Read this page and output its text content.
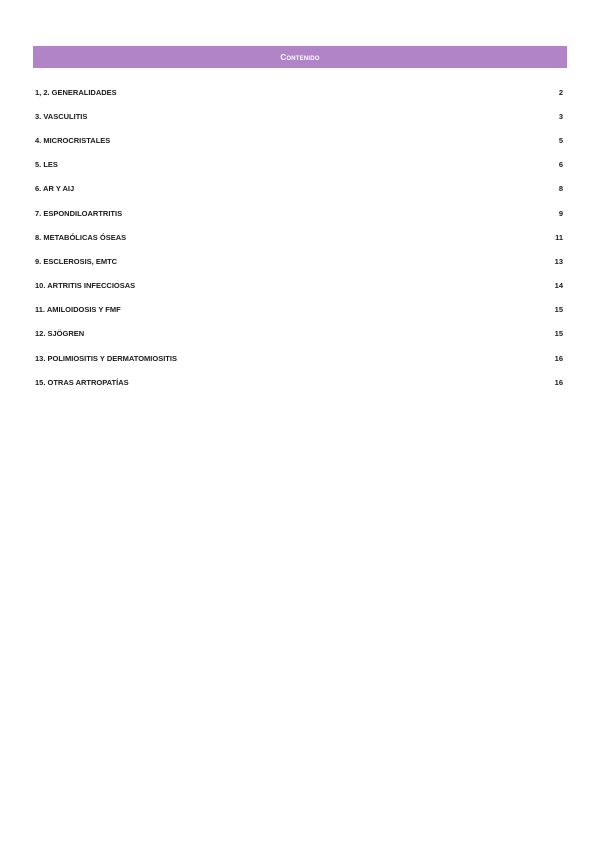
Contenido
1, 2. GENERALIDADES	2
3. VASCULITIS	3
4. MICROCRISTALES	5
5. LES	6
6. AR Y AIJ	8
7. ESPONDILOARTRITIS	9
8. METABÓLICAS ÓSEAS	11
9. ESCLEROSIS, EMTC	13
10. ARTRITIS INFECCIOSAS	14
11. AMILOIDOSIS Y FMF	15
12. SJÖGREN	15
13. POLIMIOSITIS Y DERMATOMIOSITIS	16
15. OTRAS ARTROPATÍAS	16
